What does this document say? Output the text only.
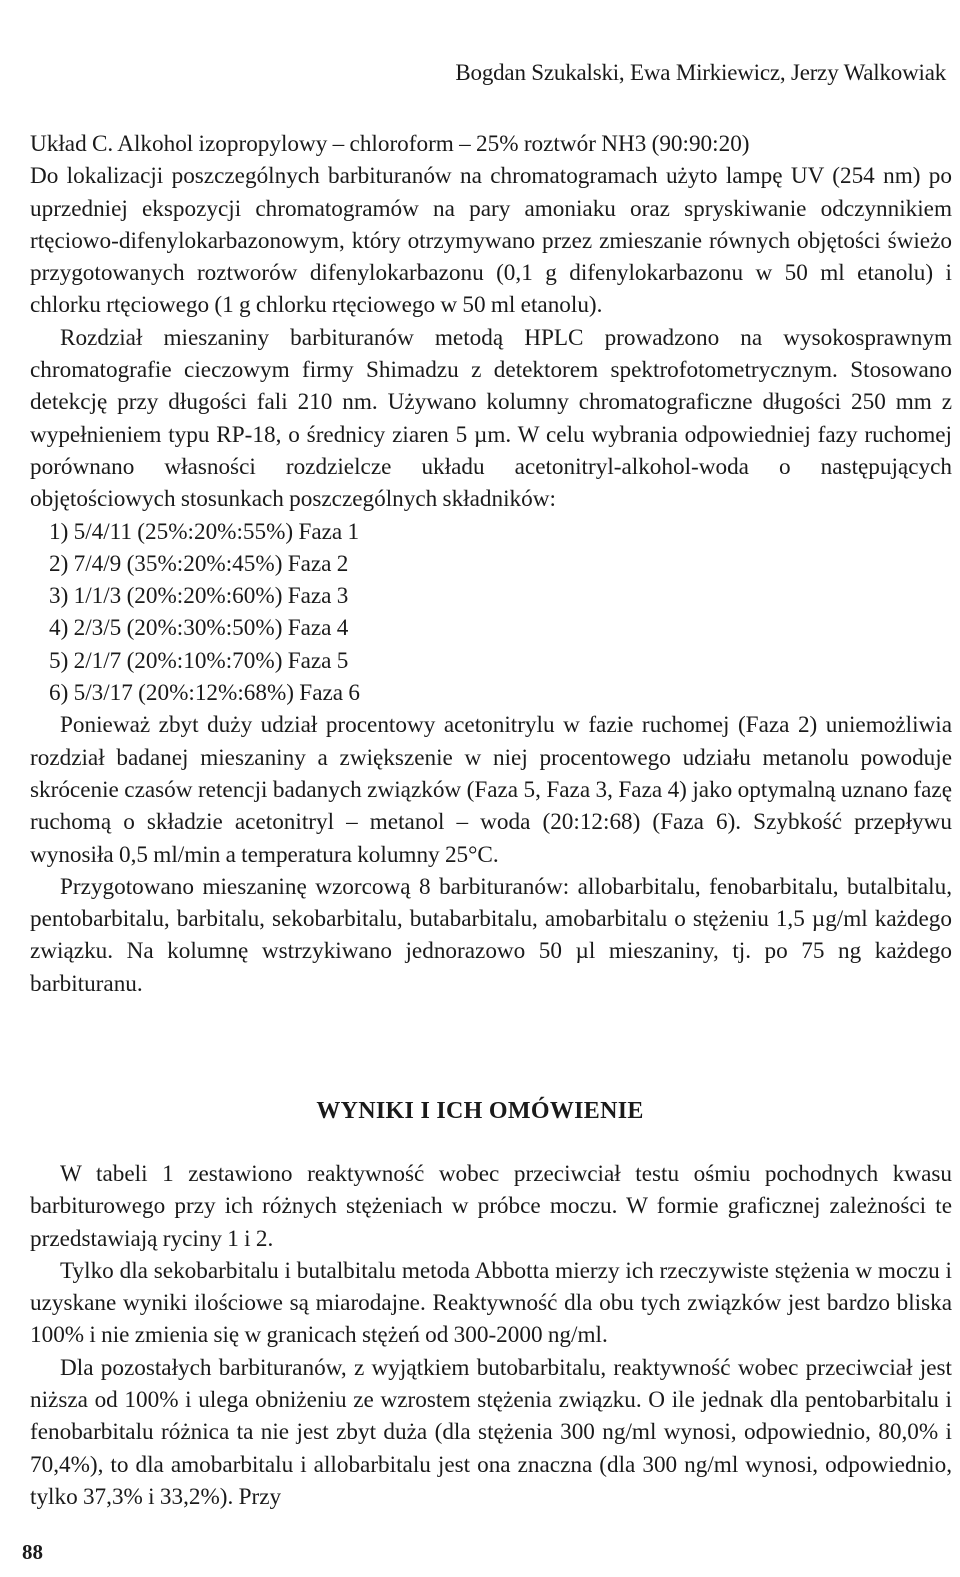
Bogdan Szukalski, Ewa Mirkiewicz, Jerzy Walkowiak

Układ C. Alkohol izopropylowy – chloroform – 25% roztwór NH3 (90:90:20)

Do lokalizacji poszczególnych barbituranów na chromatogramach użyto lampę UV (254 nm) po uprzedniej ekspozycji chromatogramów na pary amoniaku oraz spryskiwanie odczynnikiem rtęciowo-difenylokarbazonowym, który otrzymywano przez zmieszanie równych objętości świeżo przygotowanych roztworów difenylokarbazonu (0,1 g difenylokarbazonu w 50 ml etanolu) i chlorku rtęciowego (1 g chlorku rtęciowego w 50 ml etanolu).

Rozdział mieszaniny barbituranów metodą HPLC prowadzono na wysokosprawnym chromatografie cieczowym firmy Shimadzu z detektorem spektrofotometrycznym. Stosowano detekcję przy długości fali 210 nm. Używano kolumny chromatograficzne długości 250 mm z wypełnieniem typu RP-18, o średnicy ziaren 5 µm. W celu wybrania odpowiedniej fazy ruchomej porównano własności rozdzielcze układu acetonitryl-alkohol-woda o następujących objętościowych stosunkach poszczególnych składników:

1) 5/4/11 (25%:20%:55%) Faza 1

2) 7/4/9 (35%:20%:45%) Faza 2

3) 1/1/3 (20%:20%:60%) Faza 3

4) 2/3/5 (20%:30%:50%) Faza 4

5) 2/1/7 (20%:10%:70%) Faza 5

6) 5/3/17 (20%:12%:68%) Faza 6

Ponieważ zbyt duży udział procentowy acetonitrylu w fazie ruchomej (Faza 2) uniemożliwia rozdział badanej mieszaniny a zwiększenie w niej procentowego udziału metanolu powoduje skrócenie czasów retencji badanych związków (Faza 5, Faza 3, Faza 4) jako optymalną uznano fazę ruchomą o składzie acetonitryl – metanol – woda (20:12:68) (Faza 6). Szybkość przepływu wynosiła 0,5 ml/min a temperatura kolumny 25°C.

Przygotowano mieszaninę wzorcową 8 barbituranów: allobarbitalu, fenobarbitalu, butalbitalu, pentobarbitalu, barbitalu, sekobarbitalu, butabarbitalu, amobarbitalu o stężeniu 1,5 µg/ml każdego związku. Na kolumnę wstrzykiwano jednorazowo 50 µl mieszaniny, tj. po 75 ng każdego barbituranu.

WYNIKI I ICH OMÓWIENIE

W tabeli 1 zestawiono reaktywność wobec przeciwciał testu ośmiu pochodnych kwasu barbiturowego przy ich różnych stężeniach w próbce moczu. W formie graficznej zależności te przedstawiają ryciny 1 i 2.

Tylko dla sekobarbitalu i butalbitalu metoda Abbotta mierzy ich rzeczywiste stężenia w moczu i uzyskane wyniki ilościowe są miarodajne. Reaktywność dla obu tych związków jest bardzo bliska 100% i nie zmienia się w granicach stężeń od 300-2000 ng/ml.

Dla pozostałych barbituranów, z wyjątkiem butobarbitalu, reaktywność wobec przeciwciał jest niższa od 100% i ulega obniżeniu ze wzrostem stężenia związku. O ile jednak dla pentobarbitalu i fenobarbitalu różnica ta nie jest zbyt duża (dla stężenia 300 ng/ml wynosi, odpowiednio, 80,0% i 70,4%), to dla amobarbitalu i allobarbitalu jest ona znaczna (dla 300 ng/ml wynosi, odpowiednio, tylko 37,3% i 33,2%). Przy

88
